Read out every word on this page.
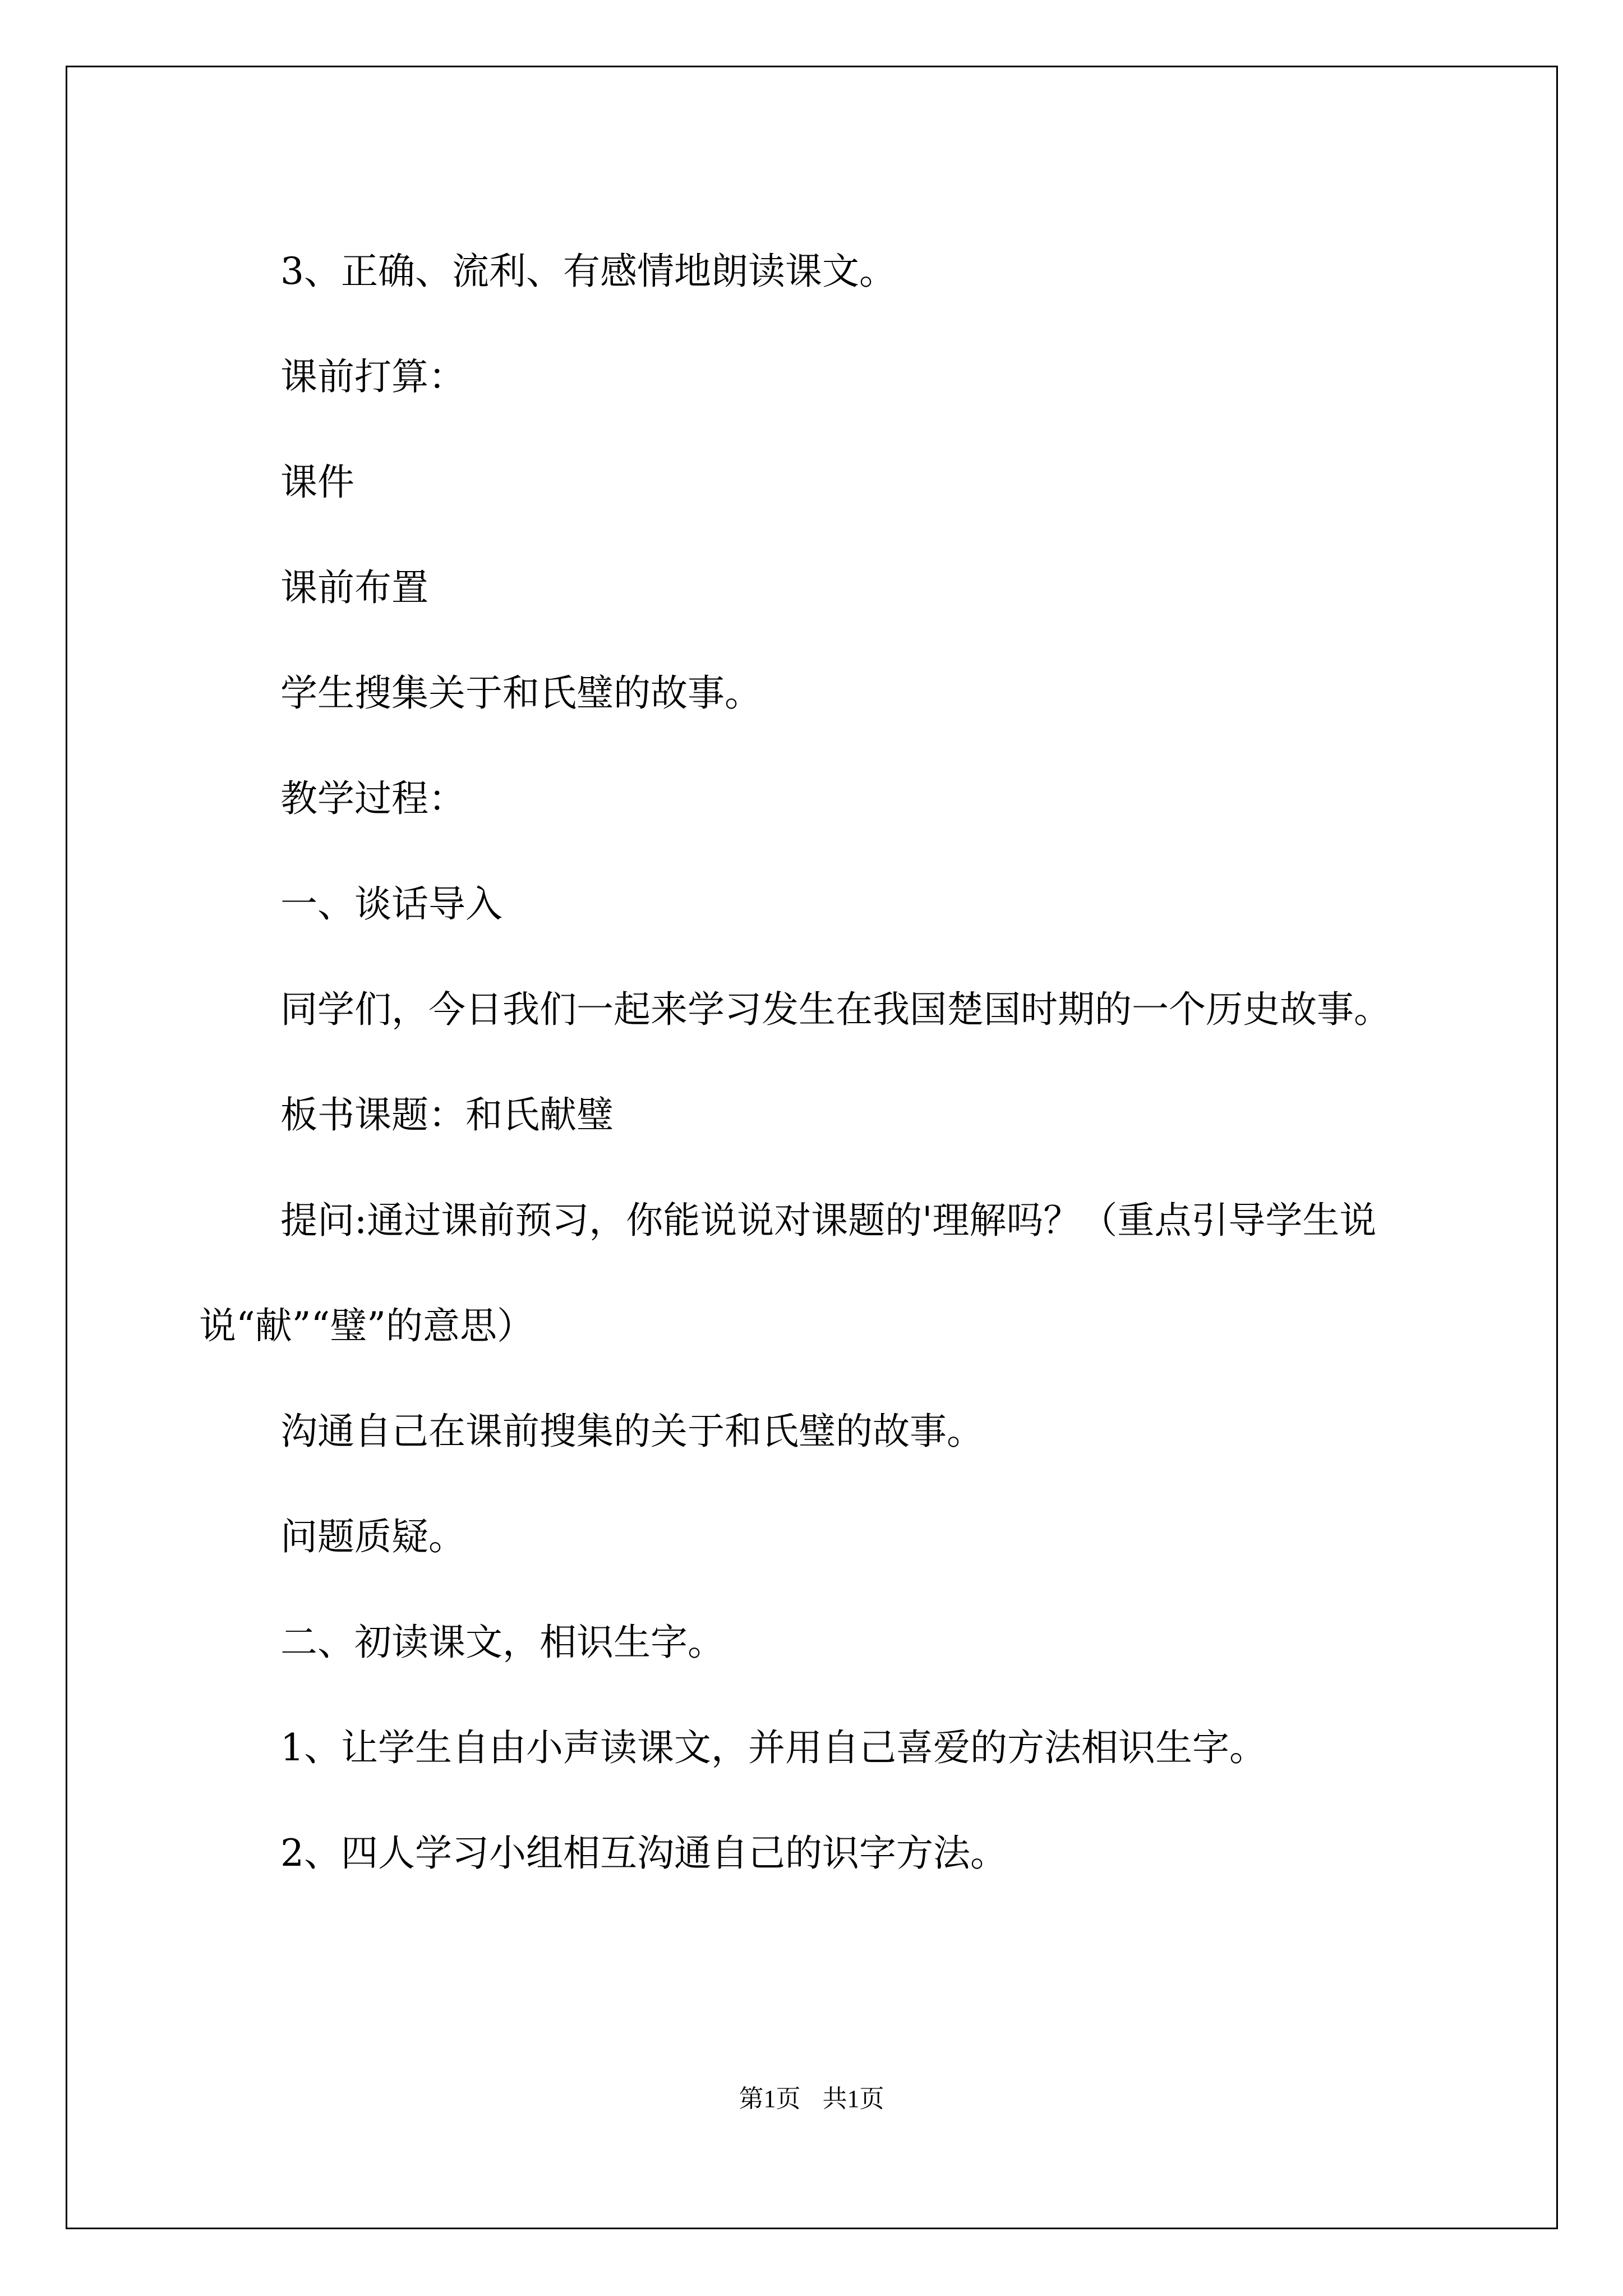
3、正确、流利、有感情地朗读课文。

课前打算：

课件

课前布置

学生搜集关于和氏璧的故事。

教学过程：

一、谈话导入

同学们，今日我们一起来学习发生在我国楚国时期的一个历史故事。

板书课题：和氏献璧

提问:通过课前预习，你能说说对课题的'理解吗？（重点引导学生说说“献”“璧”的意思）

沟通自己在课前搜集的关于和氏璧的故事。

问题质疑。

二、初读课文，相识生字。

1、让学生自由小声读课文，并用自己喜爱的方法相识生字。

2、四人学习小组相互沟通自己的识字方法。

第1页 共1页
